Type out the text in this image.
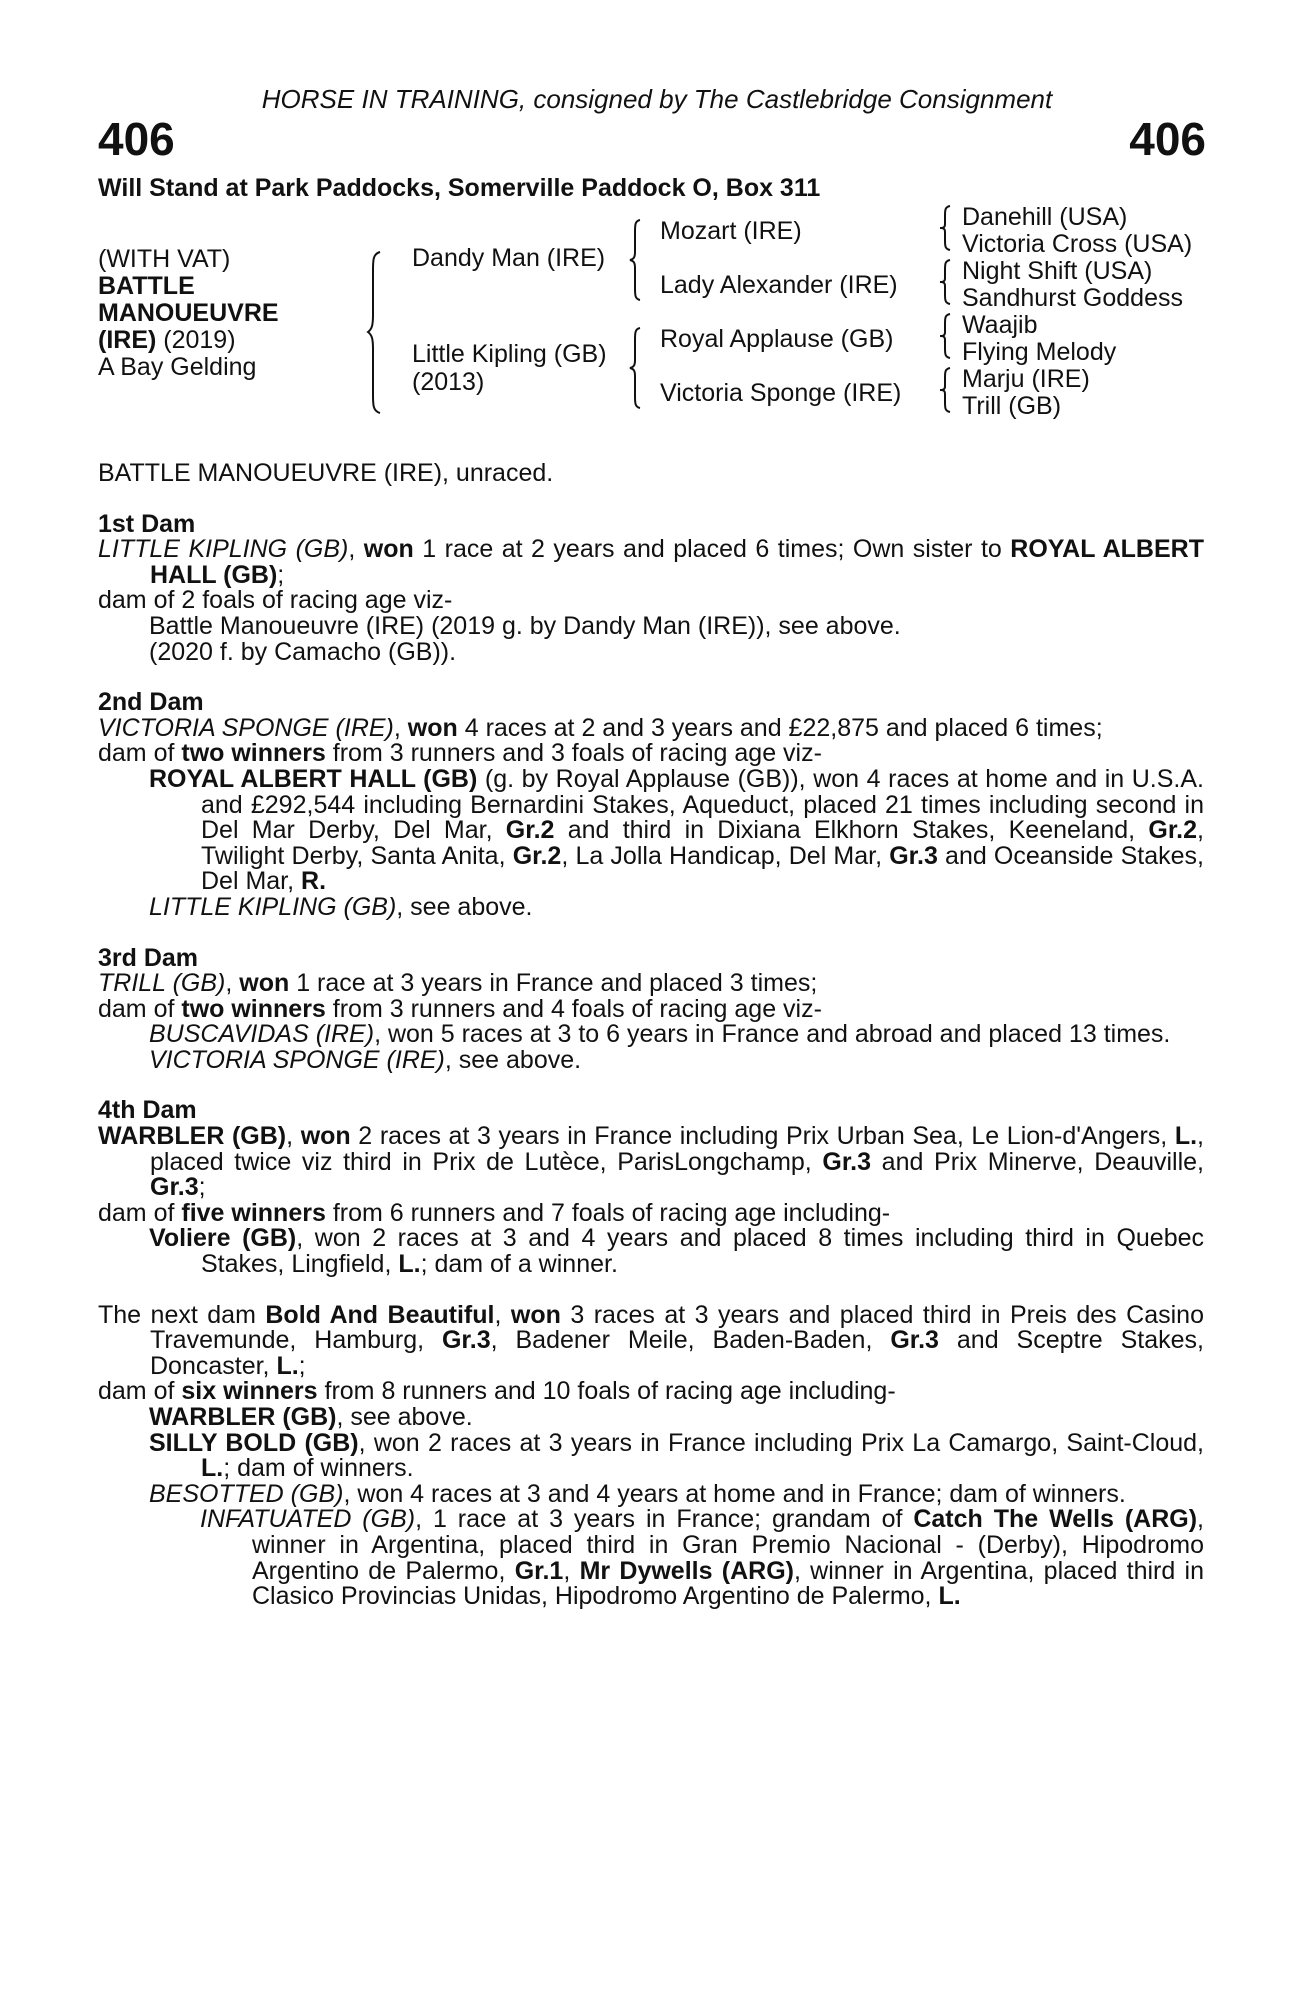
HORSE IN TRAINING, consigned by The Castlebridge Consignment
406	406
Will Stand at Park Paddocks, Somerville Paddock O, Box 311
(WITH VAT)
BATTLE
MANOUEUVRE
(IRE) (2019)
A Bay Gelding
Dandy Man (IRE)
Little Kipling (GB)
(2013)
Mozart (IRE)
Lady Alexander (IRE)
Royal Applause (GB)
Victoria Sponge (IRE)
Danehill (USA)
Victoria Cross (USA)
Night Shift (USA)
Sandhurst Goddess
Waajib
Flying Melody
Marju (IRE)
Trill (GB)

BATTLE MANOUEUVRE (IRE), unraced.

1st Dam

LITTLE KIPLING (GB), won 1 race at 2 years and placed 6 times; Own sister to ROYAL ALBERT HALL (GB);

dam of 2 foals of racing age viz-

Battle Manoueuvre (IRE) (2019 g. by Dandy Man (IRE)), see above.

(2020 f. by Camacho (GB)).

2nd Dam

VICTORIA SPONGE (IRE), won 4 races at 2 and 3 years and £22,875 and placed 6 times;

dam of two winners from 3 runners and 3 foals of racing age viz-

ROYAL ALBERT HALL (GB) (g. by Royal Applause (GB)), won 4 races at home and in U.S.A. and £292,544 including Bernardini Stakes, Aqueduct, placed 21 times including second in Del Mar Derby, Del Mar, Gr.2 and third in Dixiana Elkhorn Stakes, Keeneland, Gr.2, Twilight Derby, Santa Anita, Gr.2, La Jolla Handicap, Del Mar, Gr.3 and Oceanside Stakes, Del Mar, R.

LITTLE KIPLING (GB), see above.

3rd Dam

TRILL (GB), won 1 race at 3 years in France and placed 3 times;

dam of two winners from 3 runners and 4 foals of racing age viz-

BUSCAVIDAS (IRE), won 5 races at 3 to 6 years in France and abroad and placed 13 times.

VICTORIA SPONGE (IRE), see above.

4th Dam

WARBLER (GB), won 2 races at 3 years in France including Prix Urban Sea, Le Lion-d'Angers, L., placed twice viz third in Prix de Lutèce, ParisLongchamp, Gr.3 and Prix Minerve, Deauville, Gr.3;

dam of five winners from 6 runners and 7 foals of racing age including-

Voliere (GB), won 2 races at 3 and 4 years and placed 8 times including third in Quebec Stakes, Lingfield, L.; dam of a winner.

The next dam Bold And Beautiful, won 3 races at 3 years and placed third in Preis des Casino Travemunde, Hamburg, Gr.3, Badener Meile, Baden-Baden, Gr.3 and Sceptre Stakes, Doncaster, L.;

dam of six winners from 8 runners and 10 foals of racing age including-

WARBLER (GB), see above.

SILLY BOLD (GB), won 2 races at 3 years in France including Prix La Camargo, Saint-Cloud, L.; dam of winners.

BESOTTED (GB), won 4 races at 3 and 4 years at home and in France; dam of winners.

INFATUATED (GB), 1 race at 3 years in France; grandam of Catch The Wells (ARG), winner in Argentina, placed third in Gran Premio Nacional - (Derby), Hipodromo Argentino de Palermo, Gr.1, Mr Dywells (ARG), winner in Argentina, placed third in Clasico Provincias Unidas, Hipodromo Argentino de Palermo, L.
